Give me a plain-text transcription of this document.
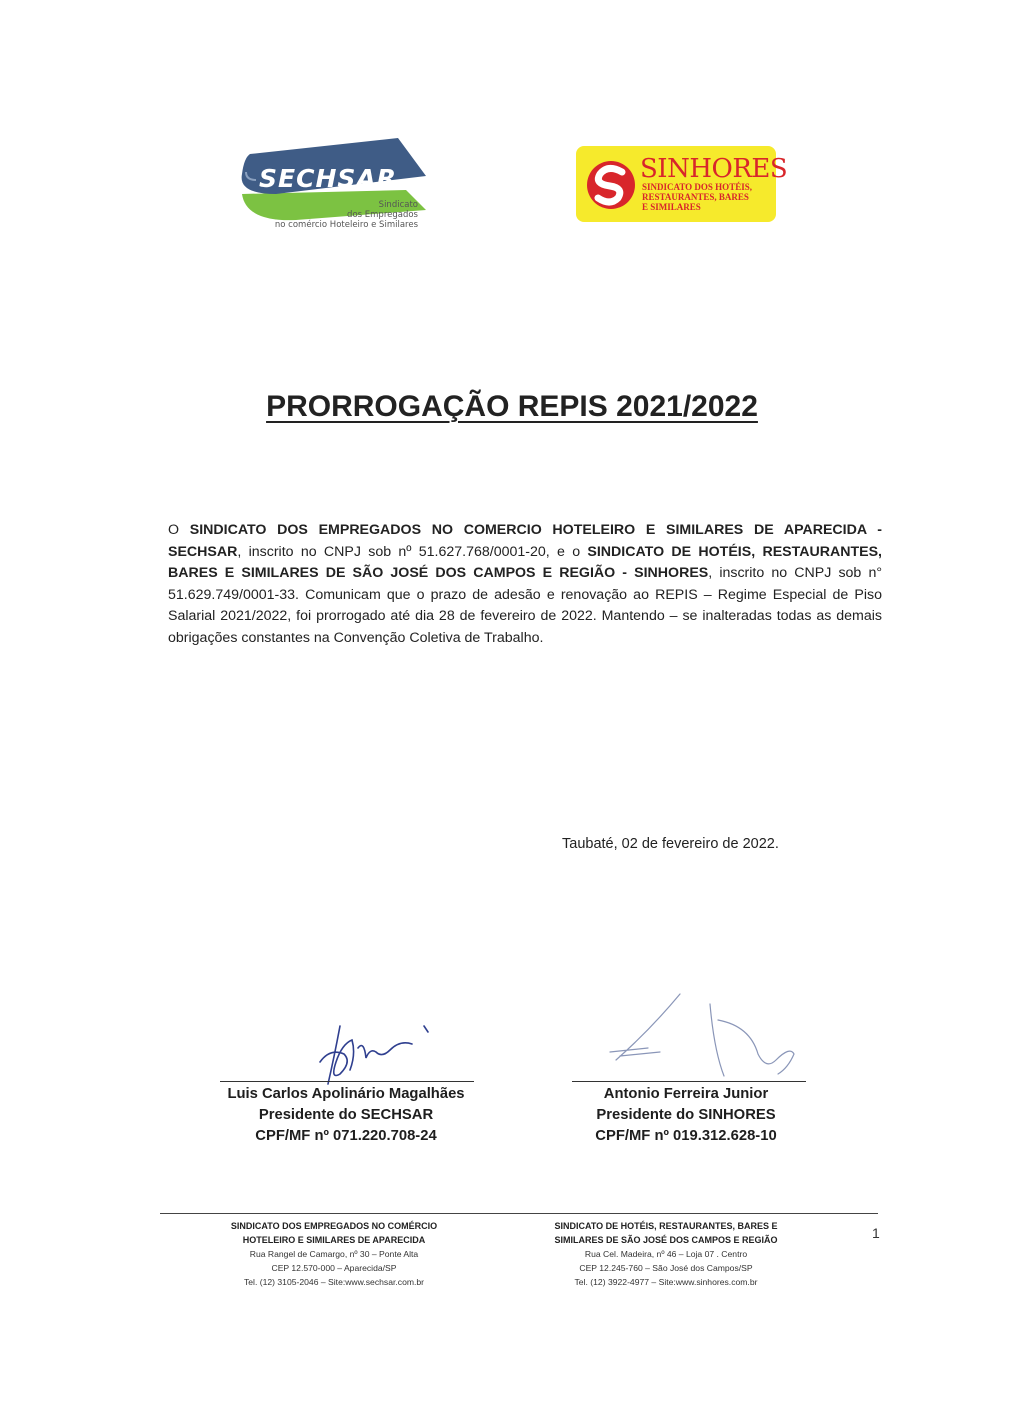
SECHSAR
Sindicato
dos Empregados
no comércio Hoteleiro e Similares
SINHORES
SINDICATO DOS HOTÉIS,
RESTAURANTES, BARES
E SIMILARES
PRORROGAÇÃO REPIS 2021/2022
O SINDICATO DOS EMPREGADOS NO COMERCIO HOTELEIRO E SIMILARES DE APARECIDA - SECHSAR, inscrito no CNPJ sob nº 51.627.768/0001-20, e o SINDICATO DE HOTÉIS, RESTAURANTES, BARES E SIMILARES DE SÃO JOSÉ DOS CAMPOS E REGIÃO - SINHORES, inscrito no CNPJ sob n° 51.629.749/0001-33. Comunicam que o prazo de adesão e renovação ao REPIS – Regime Especial de Piso Salarial 2021/2022, foi prorrogado até dia 28 de fevereiro de 2022. Mantendo – se inalteradas todas as demais obrigações constantes na Convenção Coletiva de Trabalho.
Taubaté, 02 de fevereiro de 2022.
Luis Carlos Apolinário Magalhães
Presidente do SECHSAR
CPF/MF nº 071.220.708-24
Antonio Ferreira Junior
Presidente do SINHORES
CPF/MF nº 019.312.628-10
SINDICATO DOS EMPREGADOS NO COMÉRCIO
HOTELEIRO E SIMILARES DE APARECIDA
Rua Rangel de Camargo, nº 30 – Ponte Alta
CEP 12.570-000 – Aparecida/SP
Tel. (12) 3105-2046 – Site:www.sechsar.com.br
SINDICATO DE HOTÉIS, RESTAURANTES, BARES E
SIMILARES DE SÃO JOSÉ DOS CAMPOS E REGIÃO
Rua Cel. Madeira, nº 46 – Loja 07 . Centro
CEP 12.245-760 – São José dos Campos/SP
Tel. (12) 3922-4977 – Site:www.sinhores.com.br
1
